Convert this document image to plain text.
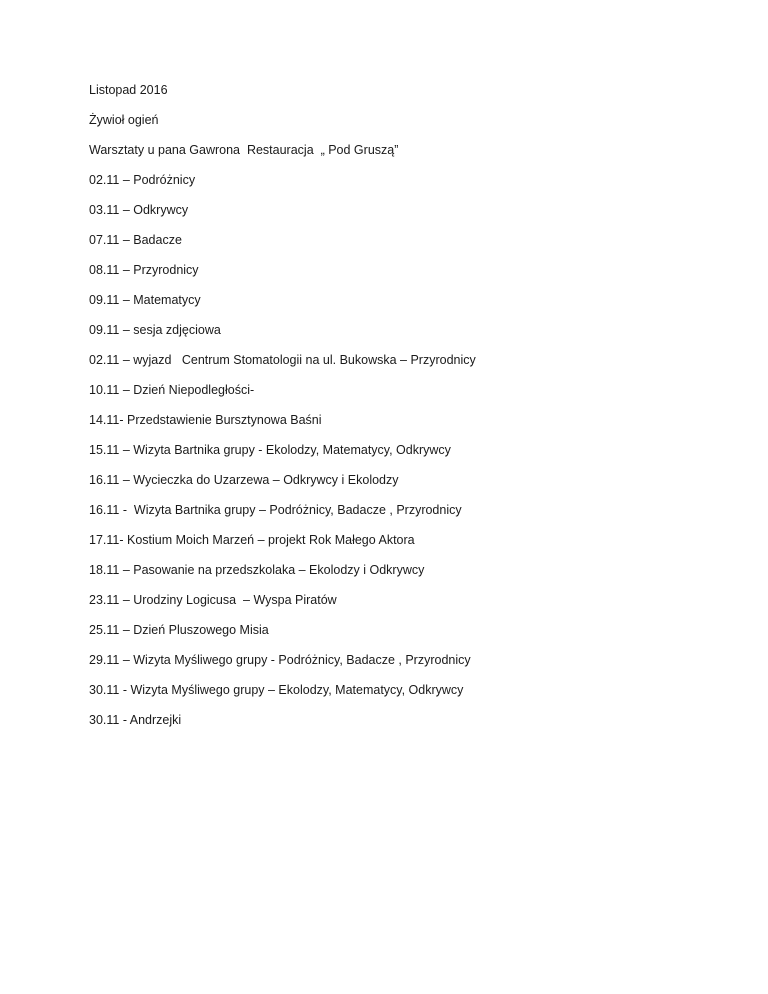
Listopad 2016
Żywioł ogień
Warsztaty u pana Gawrona  Restauracja  „ Pod Gruszą”
02.11 – Podróżnicy
03.11 – Odkrywcy
07.11 – Badacze
08.11 – Przyrodnicy
09.11 – Matematycy
09.11 – sesja zdjęciowa
02.11 – wyjazd   Centrum Stomatologii na ul. Bukowska – Przyrodnicy
10.11 – Dzień Niepodległości-
14.11- Przedstawienie Bursztynowa Baśni
15.11 – Wizyta Bartnika grupy - Ekolodzy, Matematycy, Odkrywcy
16.11 – Wycieczka do Uzarzewa – Odkrywcy i Ekolodzy
16.11 -  Wizyta Bartnika grupy – Podróżnicy, Badacze , Przyrodnicy
17.11- Kostium Moich Marzeń – projekt Rok Małego Aktora
18.11 – Pasowanie na przedszkolaka – Ekolodzy i Odkrywcy
23.11 – Urodziny Logicusa  – Wyspa Piratów
25.11 – Dzień Pluszowego Misia
29.11 – Wizyta Myśliwego grupy - Podróżnicy, Badacze , Przyrodnicy
30.11 - Wizyta Myśliwego grupy – Ekolodzy, Matematycy, Odkrywcy
30.11 - Andrzejki
